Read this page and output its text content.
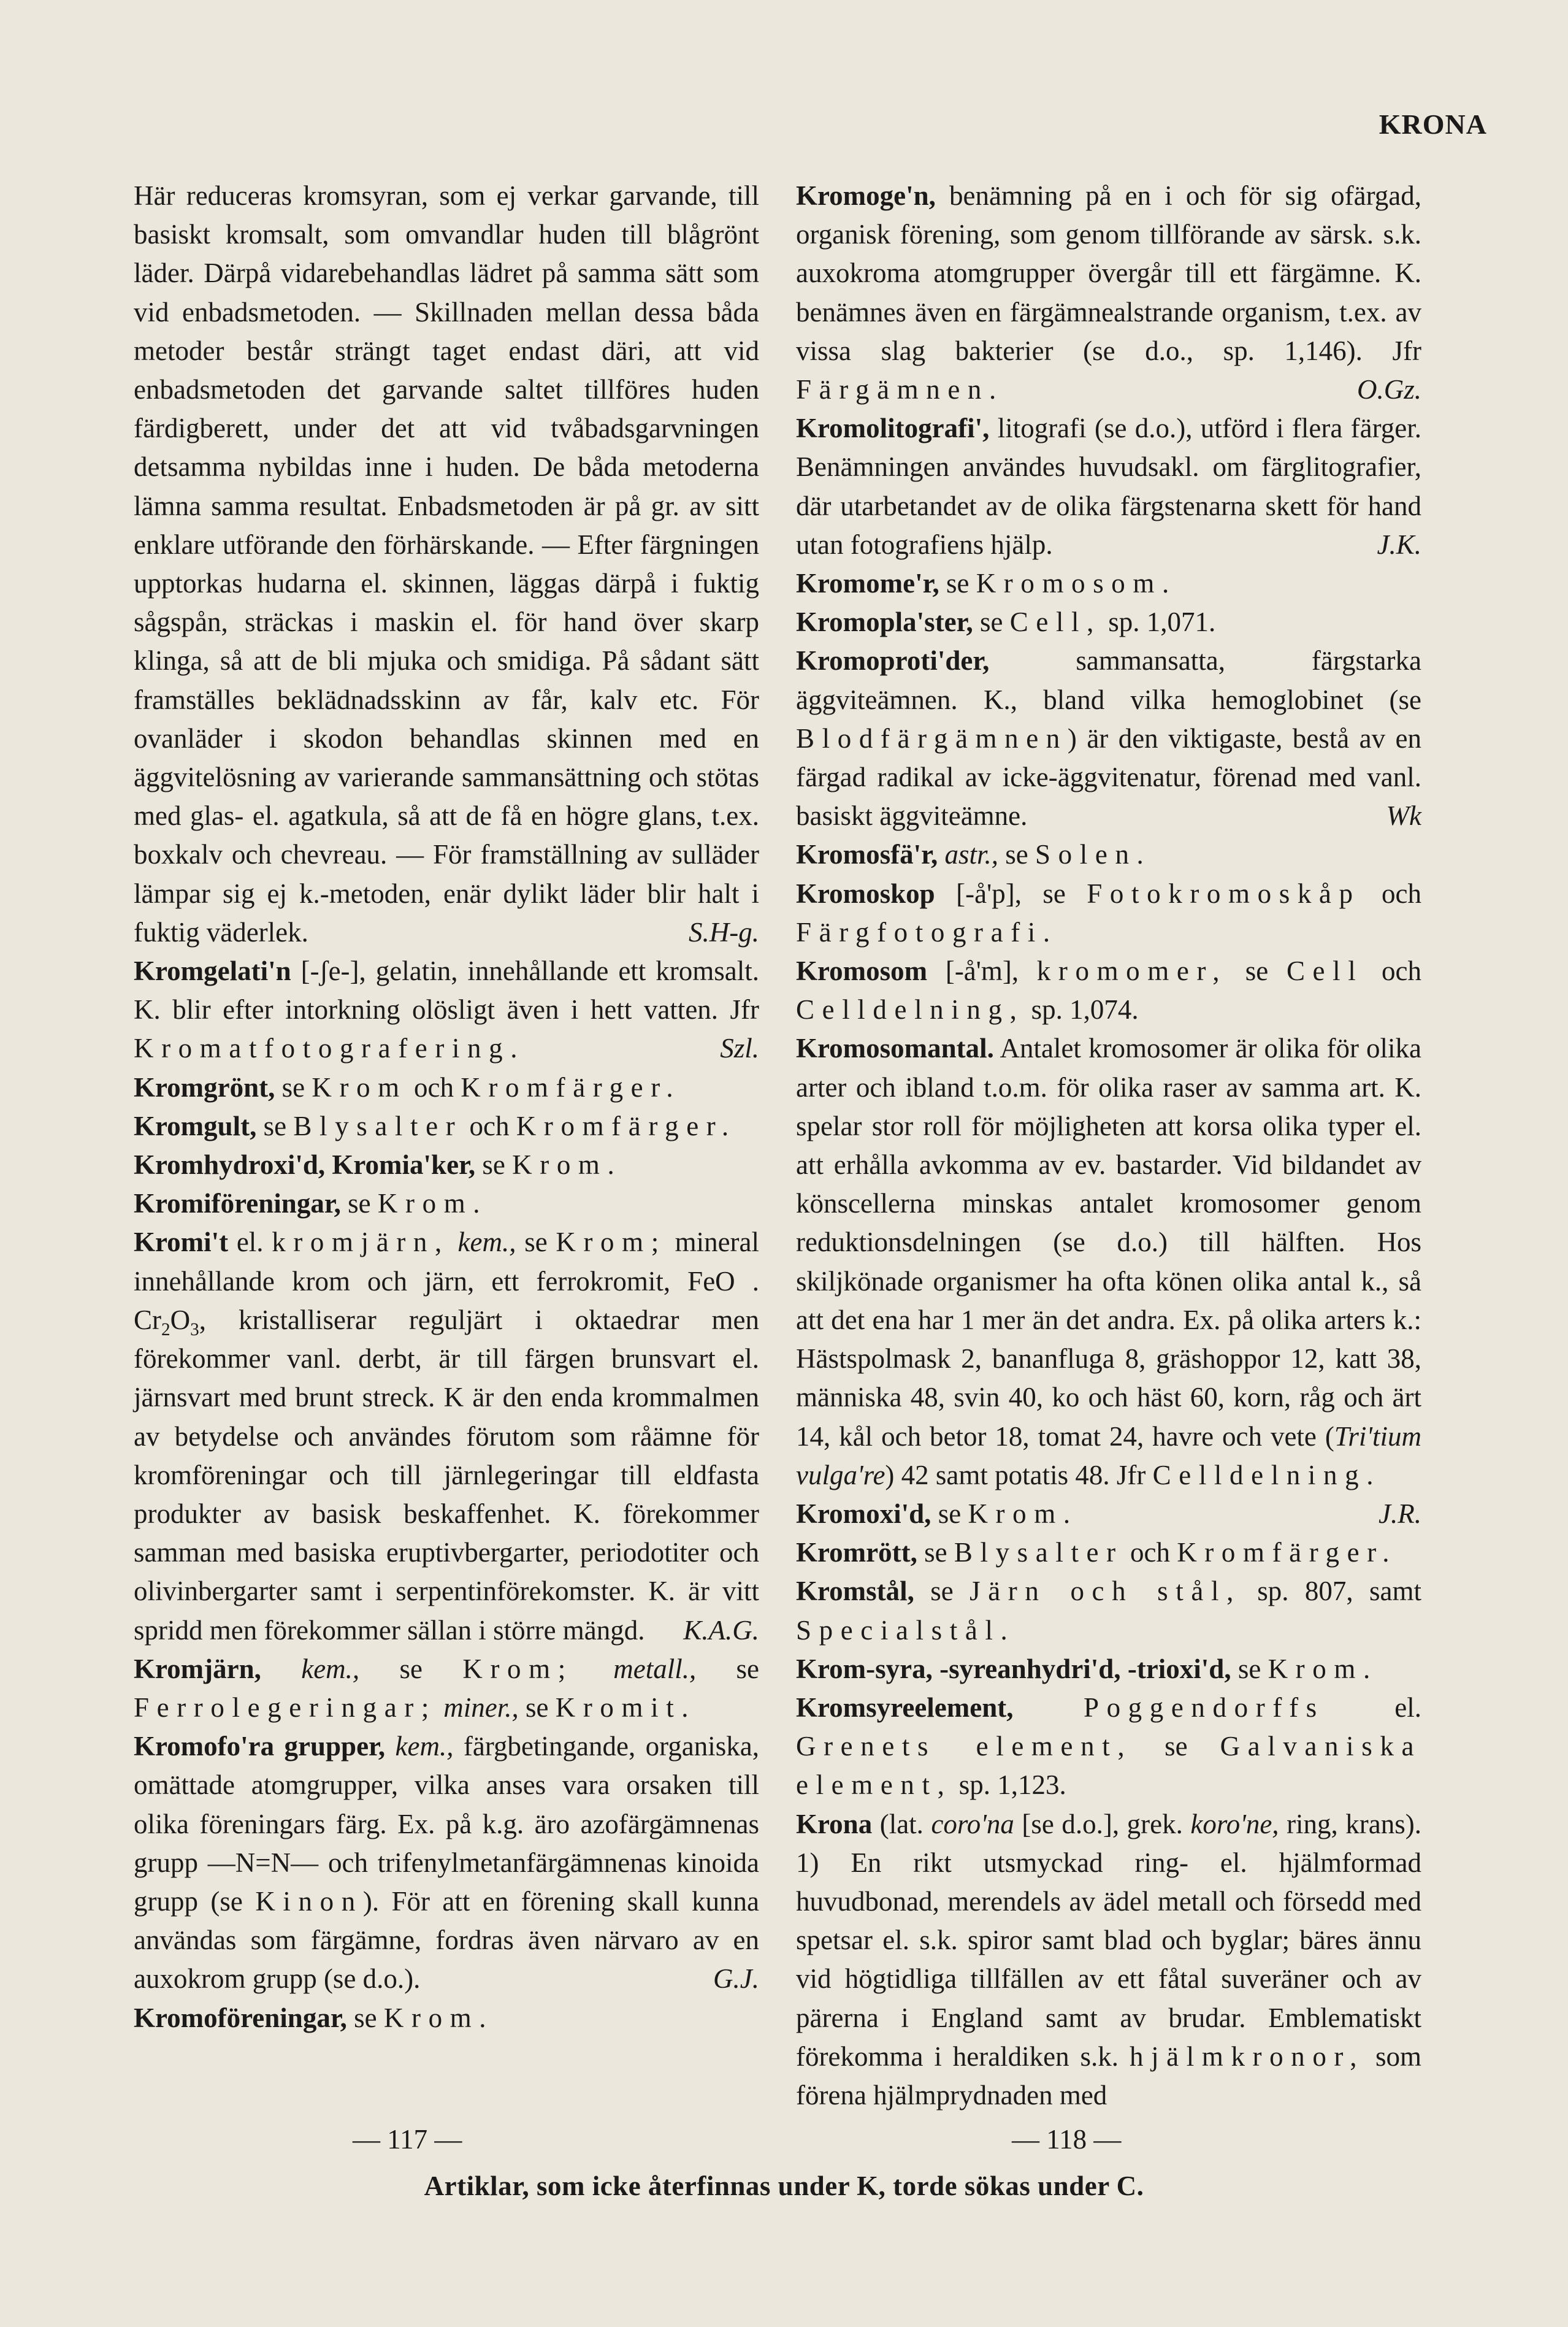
KRONA

Här reduceras kromsyran, som ej verkar garvande, till basiskt kromsalt, som omvandlar huden till blågrönt läder. Därpå vidarebehandlas lädret på samma sätt som vid enbadsmetoden. — Skillnaden mellan dessa båda metoder består strängt taget endast däri, att vid enbadsmetoden det garvande saltet tillföres huden färdigberett, under det att vid tvåbadsgarvningen detsamma nybildas inne i huden. De båda metoderna lämna samma resultat. Enbadsmetoden är på gr. av sitt enklare utförande den förhärskande. — Efter färgningen upptorkas hudarna el. skinnen, läggas därpå i fuktig sågspån, sträckas i maskin el. för hand över skarp klinga, så att de bli mjuka och smidiga. På sådant sätt framställes beklädnadsskinn av får, kalv etc. För ovanläder i skodon behandlas skinnen med en äggvitelösning av varierande sammansättning och stötas med glas- el. agatkula, så att de få en högre glans, t.ex. boxkalv och chevreau. — För framställning av sulläder lämpar sig ej k.-metoden, enär dylikt läder blir halt i fuktig väderlek.	S.H-g.

Kromgelati'n [-ʃe-], gelatin, innehållande ett kromsalt. K. blir efter intorkning olösligt även i hett vatten. Jfr Kromatfotografering.	Szl.

Kromgrönt, se Krom och Kromfärger.

Kromgult, se Blysalter och Kromfärger.

Kromhydroxi'd, Kromia'ker, se Krom.

Kromiföreningar, se Krom.

Kromi't el. kromjärn, kem., se Krom; mineral innehållande krom och järn, ett ferrokromit, FeO . $Cr_2O_3$, kristalliserar reguljärt i oktaedrar men förekommer vanl. derbt, är till färgen brunsvart el. järnsvart med brunt streck. K är den enda krommalmen av betydelse och användes förutom som råämne för kromföreningar och till järnlegeringar till eldfasta produkter av basisk beskaffenhet. K. förekommer samman med basiska eruptivbergarter, periodotiter och olivinbergarter samt i serpentinförekomster. K. är vitt spridd men förekommer sällan i större mängd.	K.A.G.

Kromjärn, kem., se Krom; metall., se Ferrolegeringar; miner., se Kromit.

Kromofo'ra grupper, kem., färgbetingande, organiska, omättade atomgrupper, vilka anses vara orsaken till olika föreningars färg. Ex. på k.g. äro azofärgämnenas grupp —N=N— och trifenylmetanfärgämnenas kinoida grupp (se Kinon). För att en förening skall kunna användas som färgämne, fordras även närvaro av en auxokrom grupp (se d.o.).	G.J.

Kromoföreningar, se Krom.

Kromoge'n, benämning på en i och för sig ofärgad, organisk förening, som genom tillförande av särsk. s.k. auxokroma atomgrupper övergår till ett färgämne. K. benämnes även en färgämnealstrande organism, t.ex. av vissa slag bakterier (se d.o., sp. 1,146). Jfr Färgämnen.	O.Gz.

Kromolitografi', litografi (se d.o.), utförd i flera färger. Benämningen användes huvudsakl. om färglitografier, där utarbetandet av de olika färgstenarna skett för hand utan fotografiens hjälp.	J.K.

Kromome'r, se Kromosom.

Kromopla'ster, se Cell, sp. 1,071.

Kromoproti'der,	sammansatta, färgstarka äggviteämnen. K., bland vilka hemoglobinet (se Blodfärgämnen) är den viktigaste, bestå av en färgad radikal av icke-äggvitenatur, förenad med vanl. basiskt äggviteämne.	Wk

Kromosfä'r, astr., se Solen.

Kromoskop [-å'p], se Fotokromoskåp och Färgfotografi.

Kromosom [-å'm], kromomer, se Cell och Celldelning, sp. 1,074.

Kromosomantal. Antalet kromosomer är olika för olika arter och ibland t.o.m. för olika raser av samma art. K. spelar stor roll för möjligheten att korsa olika typer el. att erhålla avkomma av ev. bastarder. Vid bildandet av könscellerna minskas antalet kromosomer genom reduktionsdelningen (se d.o.) till hälften. Hos skiljkönade organismer ha ofta könen olika antal k., så att det ena har 1 mer än det andra. Ex. på olika arters k.: Hästspolmask 2, bananfluga 8, gräshoppor 12, katt 38, människa 48, svin 40, ko och häst 60, korn, råg och ärt 14, kål och betor 18, tomat 24, havre och vete (Tri'tium vulga're) 42 samt potatis 48. Jfr Celldelning.
J.R.

Kromoxi'd, se Krom.

Kromrött, se Blysalter och Kromfärger.

Kromstål, se Järn och stål, sp. 807, samt Specialstål.

Krom-syra, -syreanhydri'd, -trioxi'd, se Krom.

Kromsyreelement,	Poggendorffs	el. Grenets element, se Galvaniska element, sp. 1,123.

Krona (lat. coro'na [se d.o.], grek. koro'ne, ring, krans). 1) En rikt utsmyckad ring- el. hjälmformad huvudbonad, merendels av ädel metall och försedd med spetsar el. s.k. spiror samt blad och byglar; bäres ännu vid högtidliga tillfällen av ett fåtal suveräner och av pärerna i England samt av brudar. Emblematiskt förekomma i heraldiken s.k. hjälmkronor, som förena hjälmprydnaden med

— 117 —	— 118 —
Artiklar, som icke återfinnas under K, torde sökas under C.
